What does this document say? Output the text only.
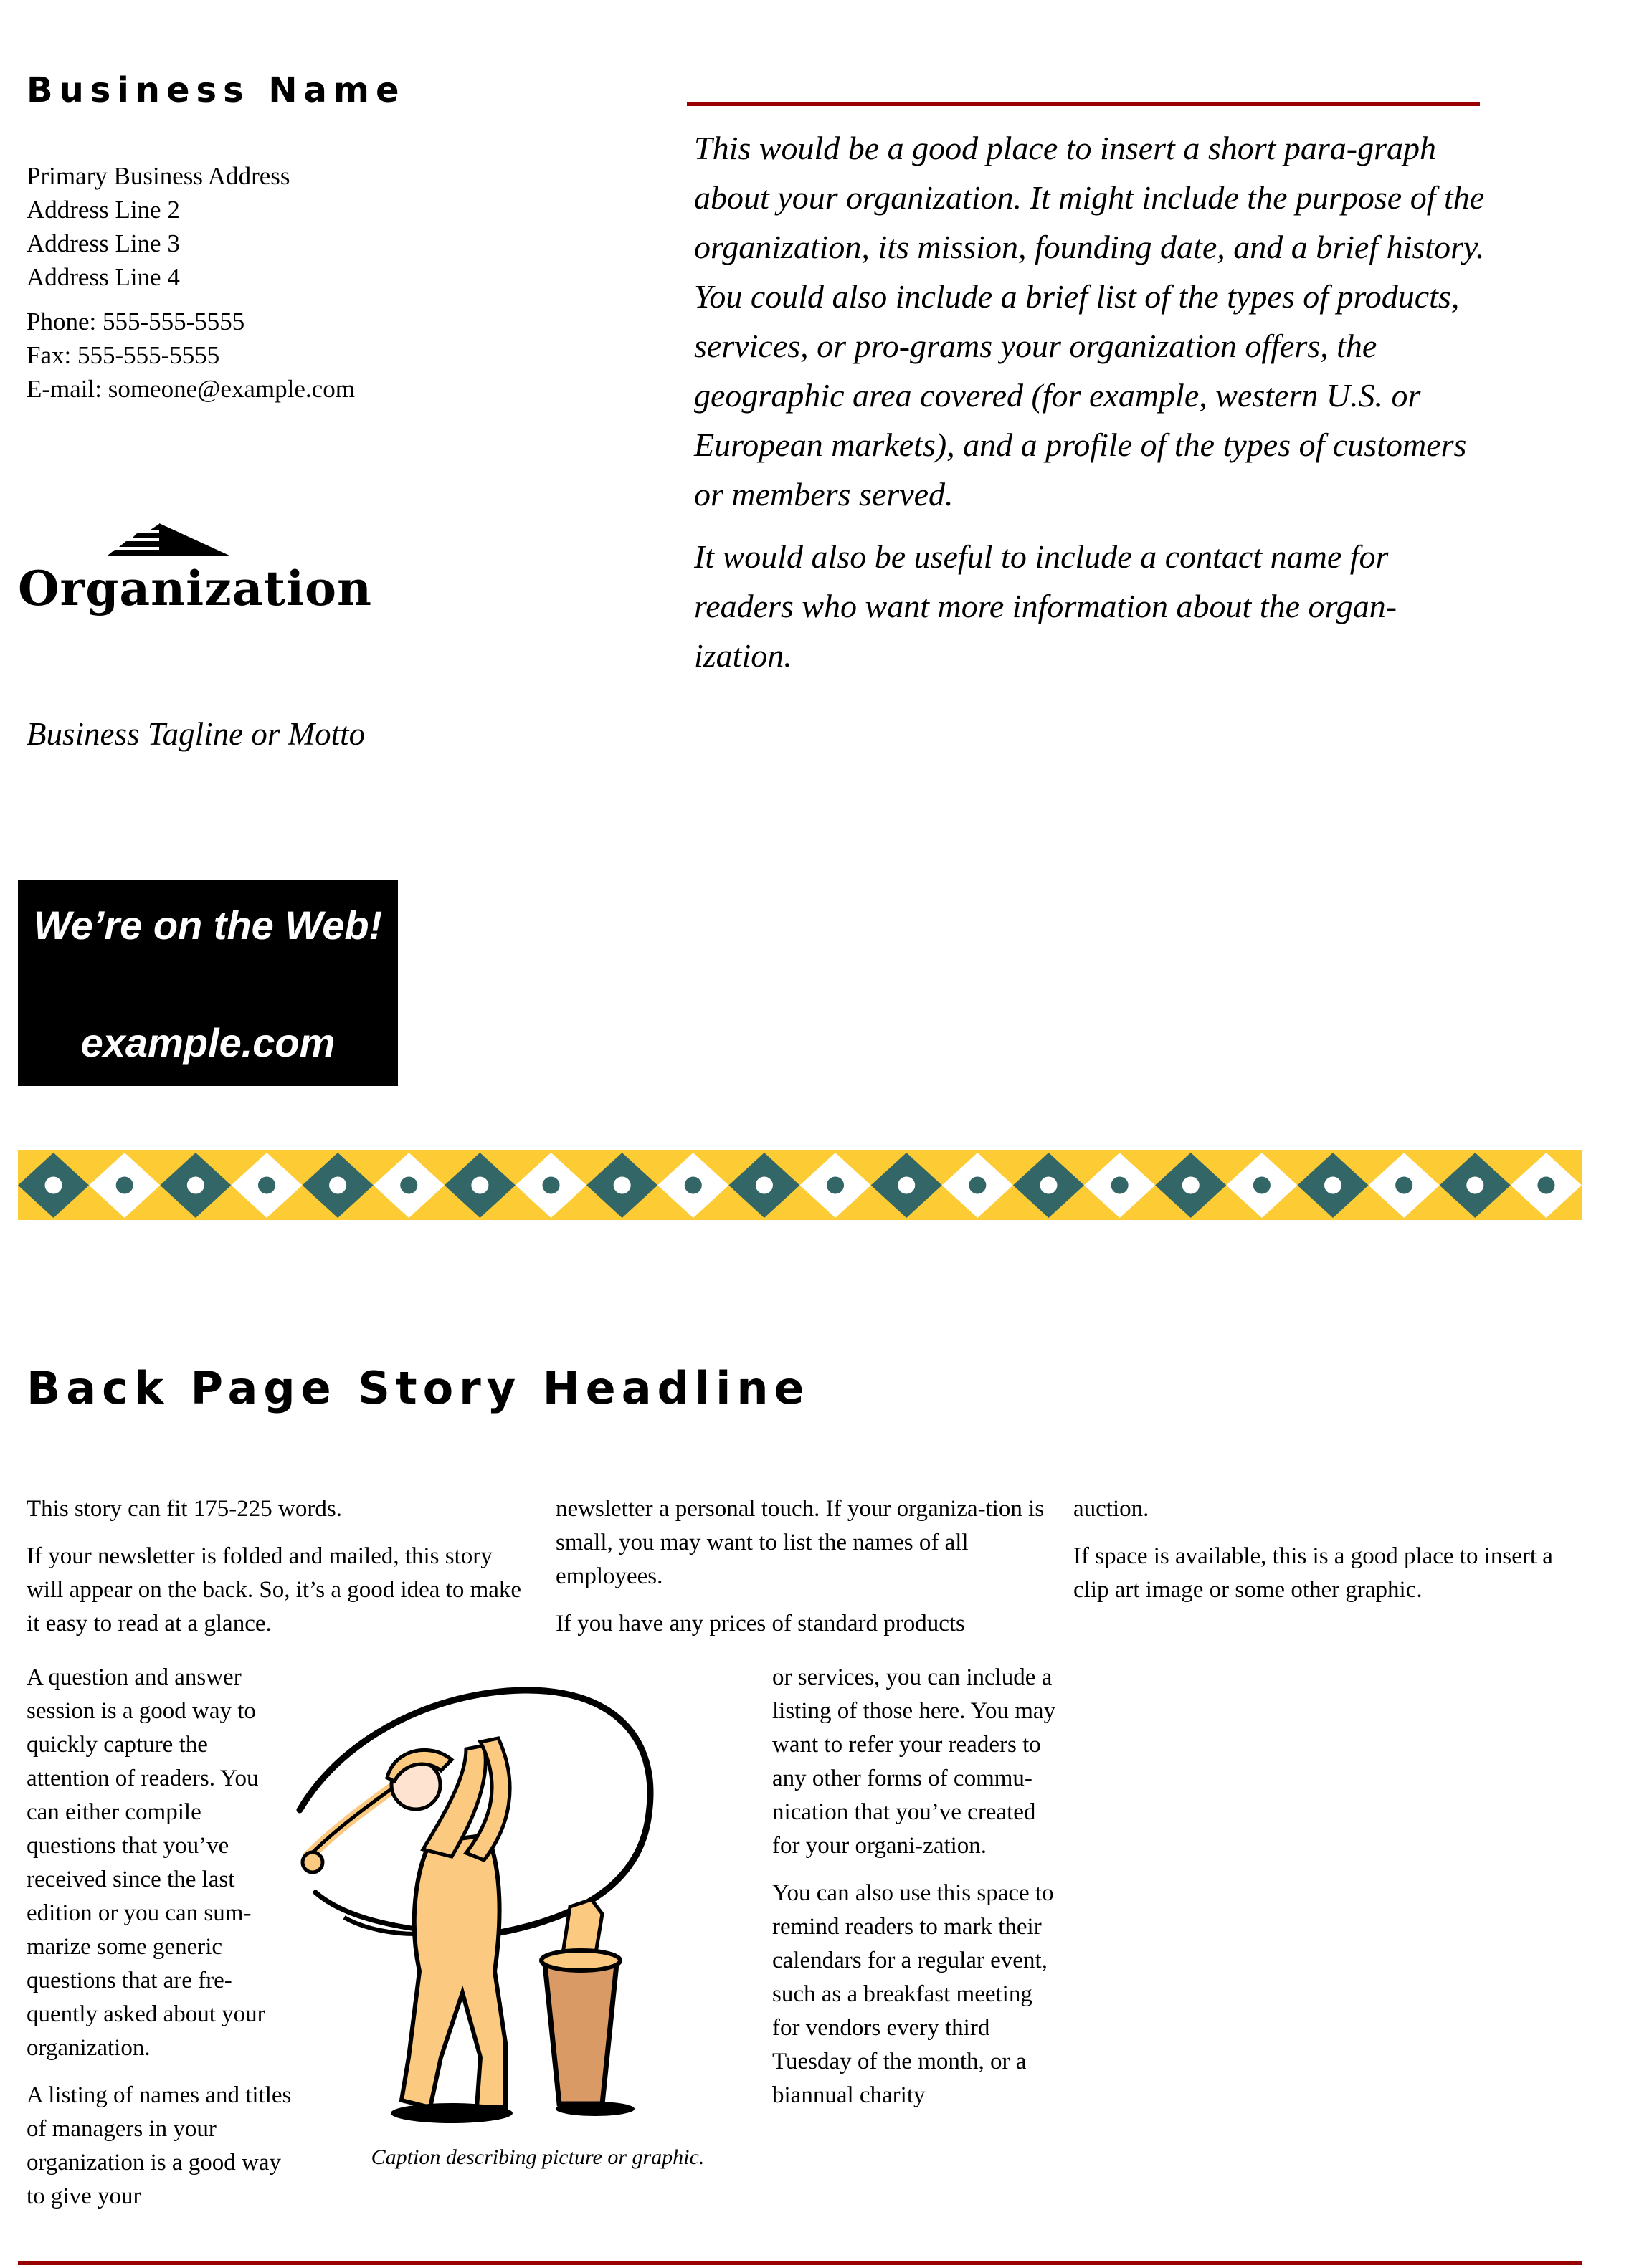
Business Name
Primary Business Address
Address Line 2
Address Line 3
Address Line 4
Phone: 555-555-5555
Fax: 555-555-5555
E-mail: someone@example.com

This would be a good place to insert a short para-graph about your organization. It might include the purpose of the organization, its mission, founding date, and a brief history. You could also include a brief list of the types of products, services, or pro-grams your organization offers, the geographic area covered (for example, western U.S. or European markets), and a profile of the types of customers or members served.

It would also be useful to include a contact name for readers who want more information about the organ-ization.

Organization
Business Tagline or Motto
We’re on the Web!
example.com
Back Page Story Headline

This story can fit 175-225 words.

If your newsletter is folded and mailed, this story will appear on the back. So, it’s a good idea to make it easy to read at a glance.

A question and answer session is a good way to quickly capture the attention of readers. You can either compile questions that you’ve received since the last edition or you can sum-marize some generic questions that are fre-quently asked about your organization.

A listing of names and titles of managers in your organization is a good way to give your

newsletter a personal touch. If your organiza-tion is small, you may want to list the names of all employees.

If you have any prices of standard products

or services, you can include a listing of those here. You may want to refer your readers to any other forms of commu-nication that you’ve created for your organi-zation.

You can also use this space to remind readers to mark their calendars for a regular event, such as a breakfast meeting for vendors every third Tuesday of the month, or a biannual charity

auction.

If space is available, this is a good place to insert a clip art image or some other graphic.

Caption describing picture or graphic.
